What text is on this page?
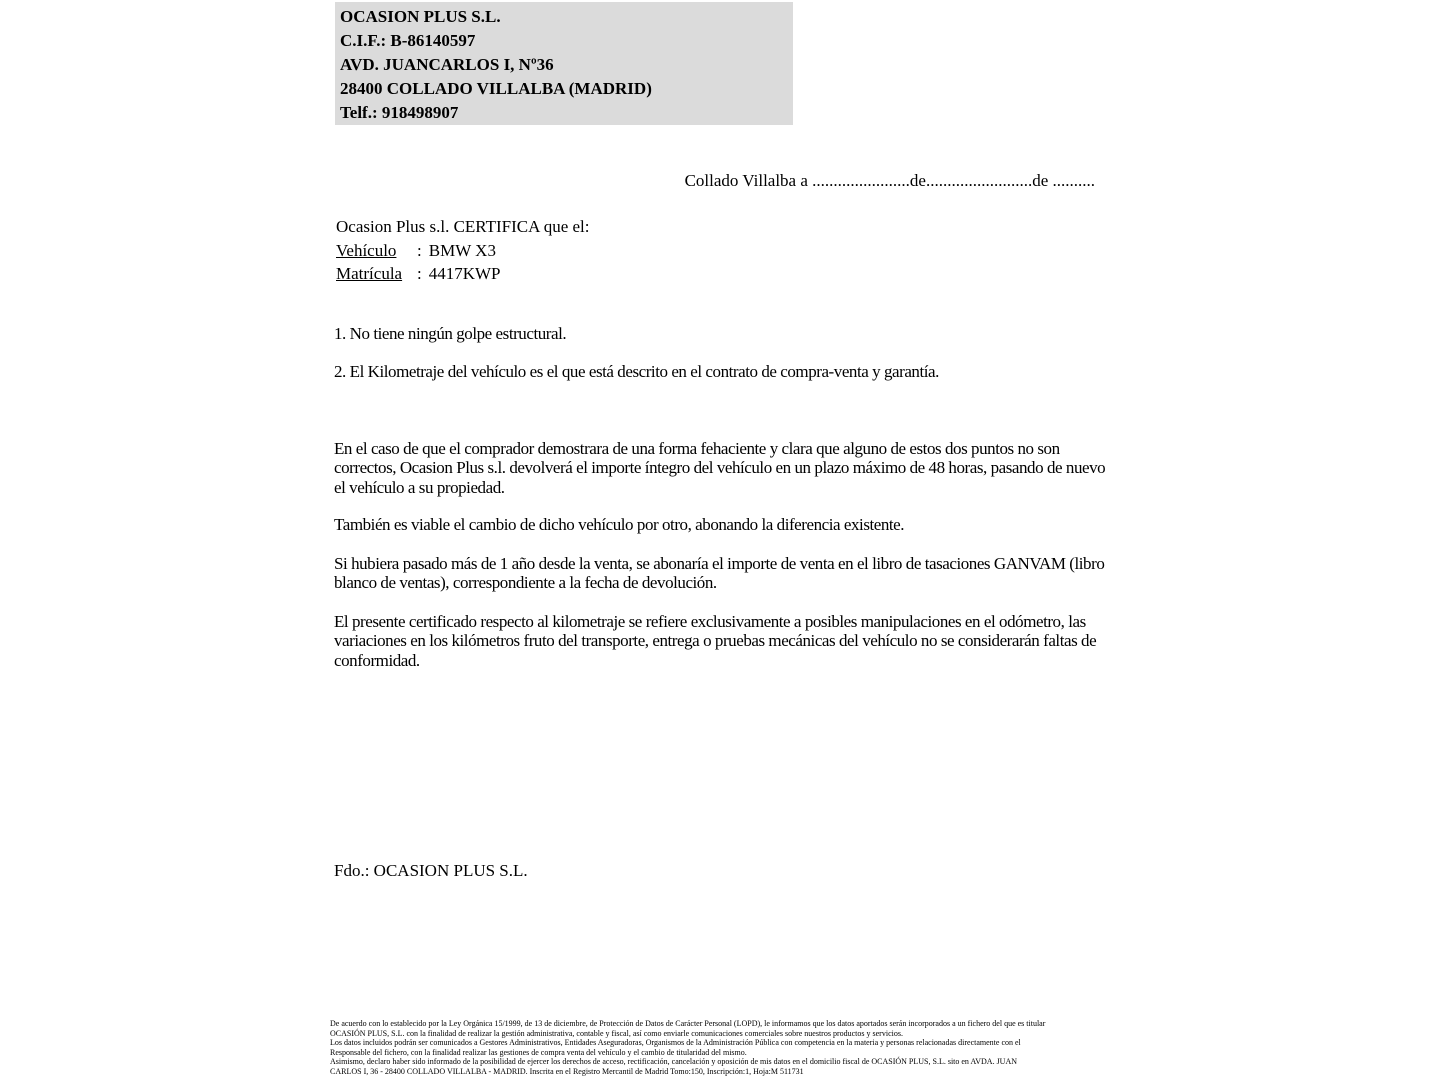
OCASION PLUS S.L.
C.I.F.: B-86140597
AVD. JUANCARLOS I, Nº36
28400 COLLADO VILLALBA (MADRID)
Telf.: 918498907
Collado Villalba a .......................de.........................de ..........
Ocasion Plus s.l. CERTIFICA que el:
Vehículo : BMW X3
Matrícula : 4417KWP
1. No tiene ningún golpe estructural.
2. El Kilometraje del vehículo es el que está descrito en el contrato de compra-venta y garantía.
En el caso de que el comprador demostrara de una forma fehaciente y clara que alguno de estos dos puntos no son correctos, Ocasion Plus s.l. devolverá el importe íntegro del vehículo en un plazo máximo de 48 horas, pasando de nuevo el vehículo a su propiedad.
También es viable el cambio de dicho vehículo por otro, abonando la diferencia existente.
Si hubiera pasado más de 1 año desde la venta, se abonaría el importe de venta en el libro de tasaciones GANVAM (libro blanco de ventas), correspondiente a la fecha de devolución.
El presente certificado respecto al kilometraje se refiere exclusivamente a posibles manipulaciones en el odómetro, las variaciones en los kilómetros fruto del transporte, entrega o pruebas mecánicas del vehículo no se considerarán faltas de conformidad.
Fdo.: OCASION PLUS S.L.
De acuerdo con lo establecido por la Ley Orgánica 15/1999, de 13 de diciembre, de Protección de Datos de Carácter Personal (LOPD), le informamos que los datos aportados serán incorporados a un fichero del que es titular
OCASIÓN PLUS, S.L. con la finalidad de realizar la gestión administrativa, contable y fiscal, así como enviarle comunicaciones comerciales sobre nuestros productos y servicios.
Los datos incluidos podrán ser comunicados a Gestores Administrativos, Entidades Aseguradoras, Organismos de la Administración Pública con competencia en la materia y personas relacionadas directamente con el
Responsable del fichero, con la finalidad realizar las gestiones de compra venta del vehículo y el cambio de titularidad del mismo.
Asimismo, declaro haber sido informado de la posibilidad de ejercer los derechos de acceso, rectificación, cancelación y oposición de mis datos en el domicilio fiscal de OCASIÓN PLUS, S.L. sito en AVDA. JUAN
CARLOS I, 36 - 28400 COLLADO VILLALBA - MADRID. Inscrita en el Registro Mercantil de Madrid Tomo:150, Inscripción:1, Hoja:M 511731
